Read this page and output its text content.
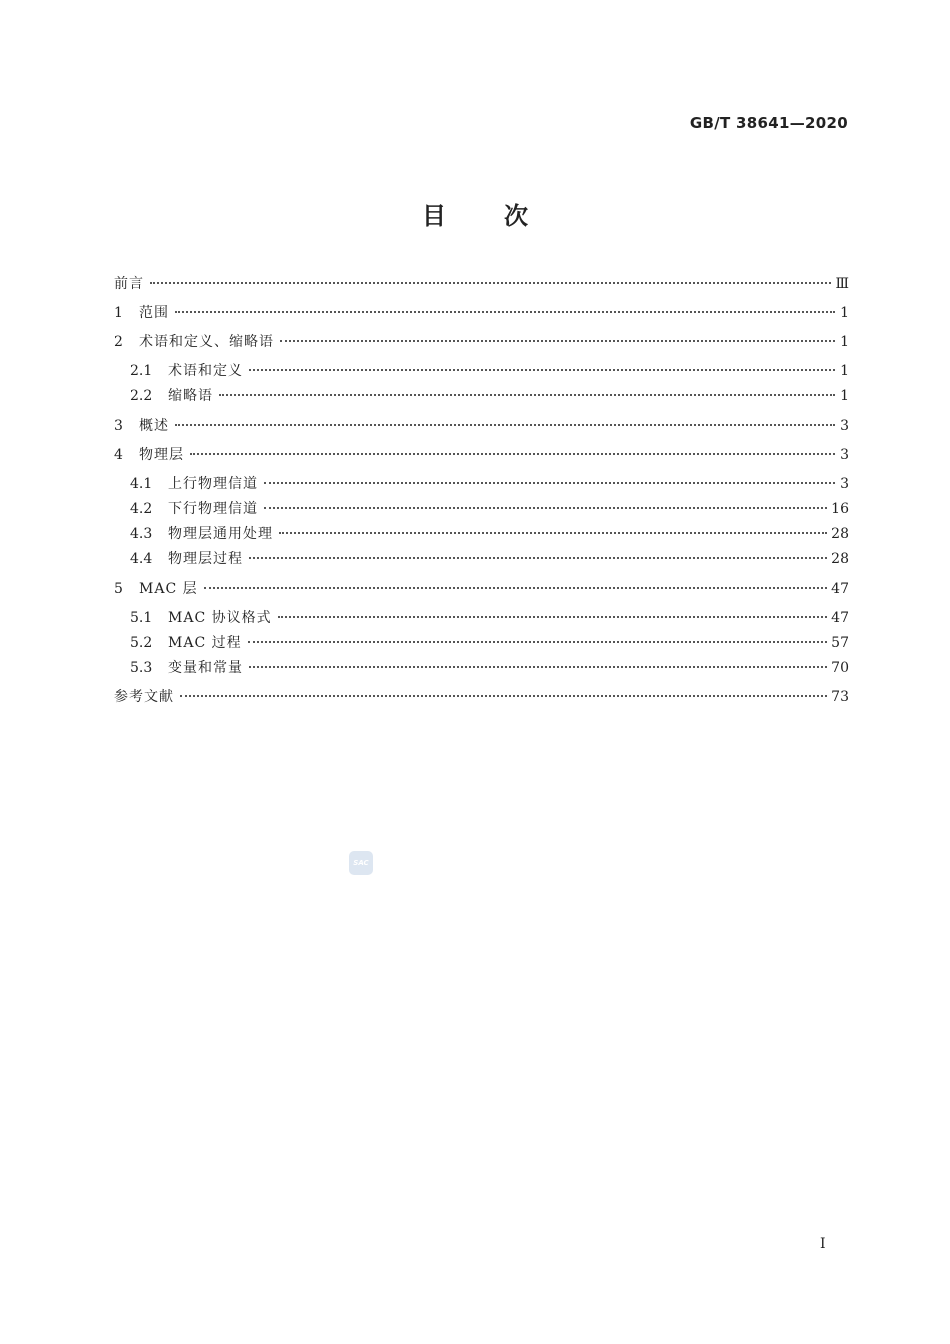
GB/T 38641—2020
目次
前言	Ⅲ
1	范围	1
2	术语和定义、缩略语	1
2.1	术语和定义	1
2.2	缩略语	1
3	概述	3
4	物理层	3
4.1	上行物理信道	3
4.2	下行物理信道	16
4.3	物理层通用处理	28
4.4	物理层过程	28
5	MAC 层	47
5.1	MAC 协议格式	47
5.2	MAC 过程	57
5.3	变量和常量	70
参考文献	73
SAC
I
